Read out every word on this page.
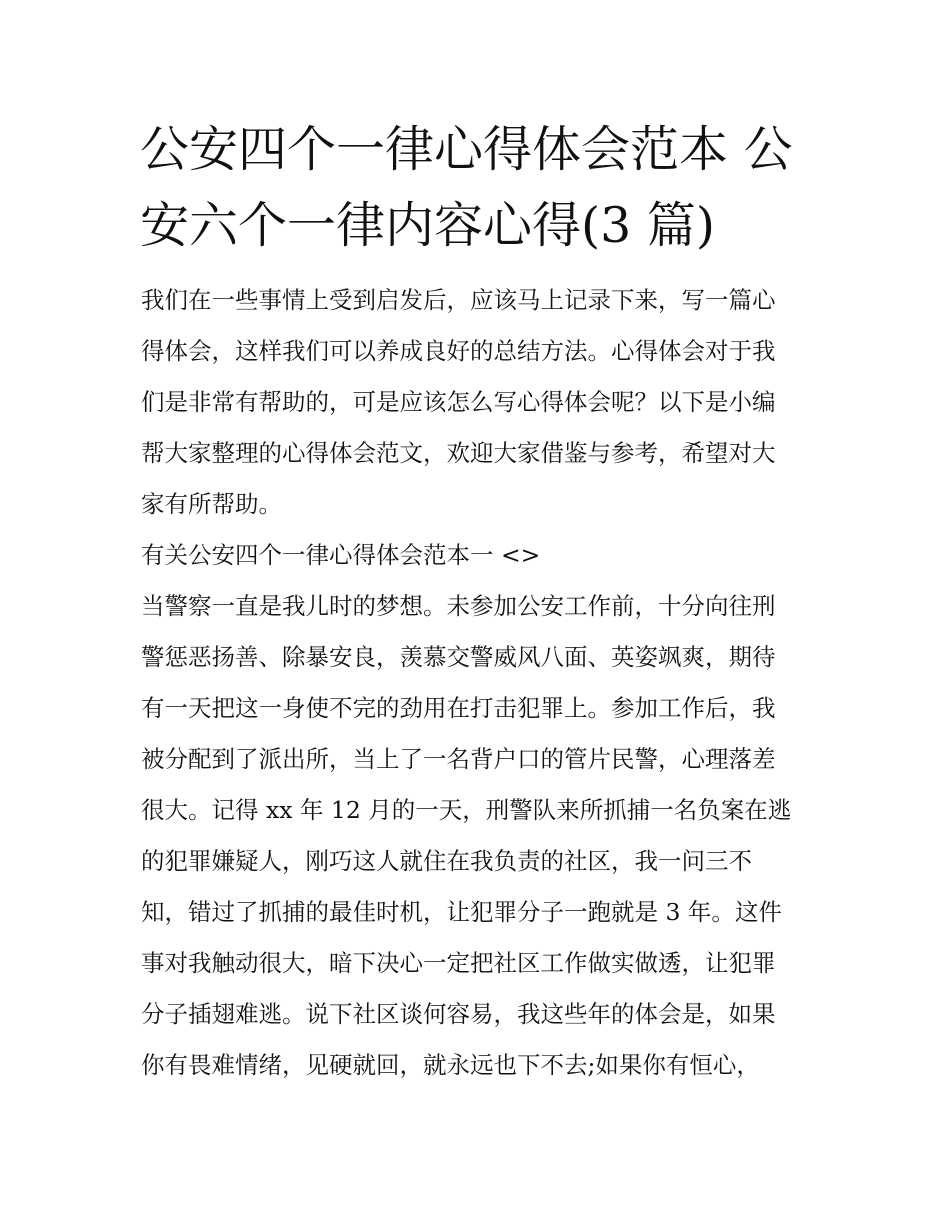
公安四个一律心得体会范本 公
安六个一律内容心得(3 篇)
我们在一些事情上受到启发后，应该马上记录下来，写一篇心
得体会，这样我们可以养成良好的总结方法。心得体会对于我
们是非常有帮助的，可是应该怎么写心得体会呢？以下是小编
帮大家整理的心得体会范文，欢迎大家借鉴与参考，希望对大
家有所帮助。
有关公安四个一律心得体会范本一 <>
当警察一直是我儿时的梦想。未参加公安工作前，十分向往刑
警惩恶扬善、除暴安良，羡慕交警威风八面、英姿飒爽，期待
有一天把这一身使不完的劲用在打击犯罪上。参加工作后，我
被分配到了派出所，当上了一名背户口的管片民警，心理落差
很大。记得 xx 年 12 月的一天，刑警队来所抓捕一名负案在逃
的犯罪嫌疑人，刚巧这人就住在我负责的社区，我一问三不
知，错过了抓捕的最佳时机，让犯罪分子一跑就是 3 年。这件
事对我触动很大，暗下决心一定把社区工作做实做透，让犯罪
分子插翅难逃。说下社区谈何容易，我这些年的体会是，如果
你有畏难情绪，见硬就回，就永远也下不去;如果你有恒心，
